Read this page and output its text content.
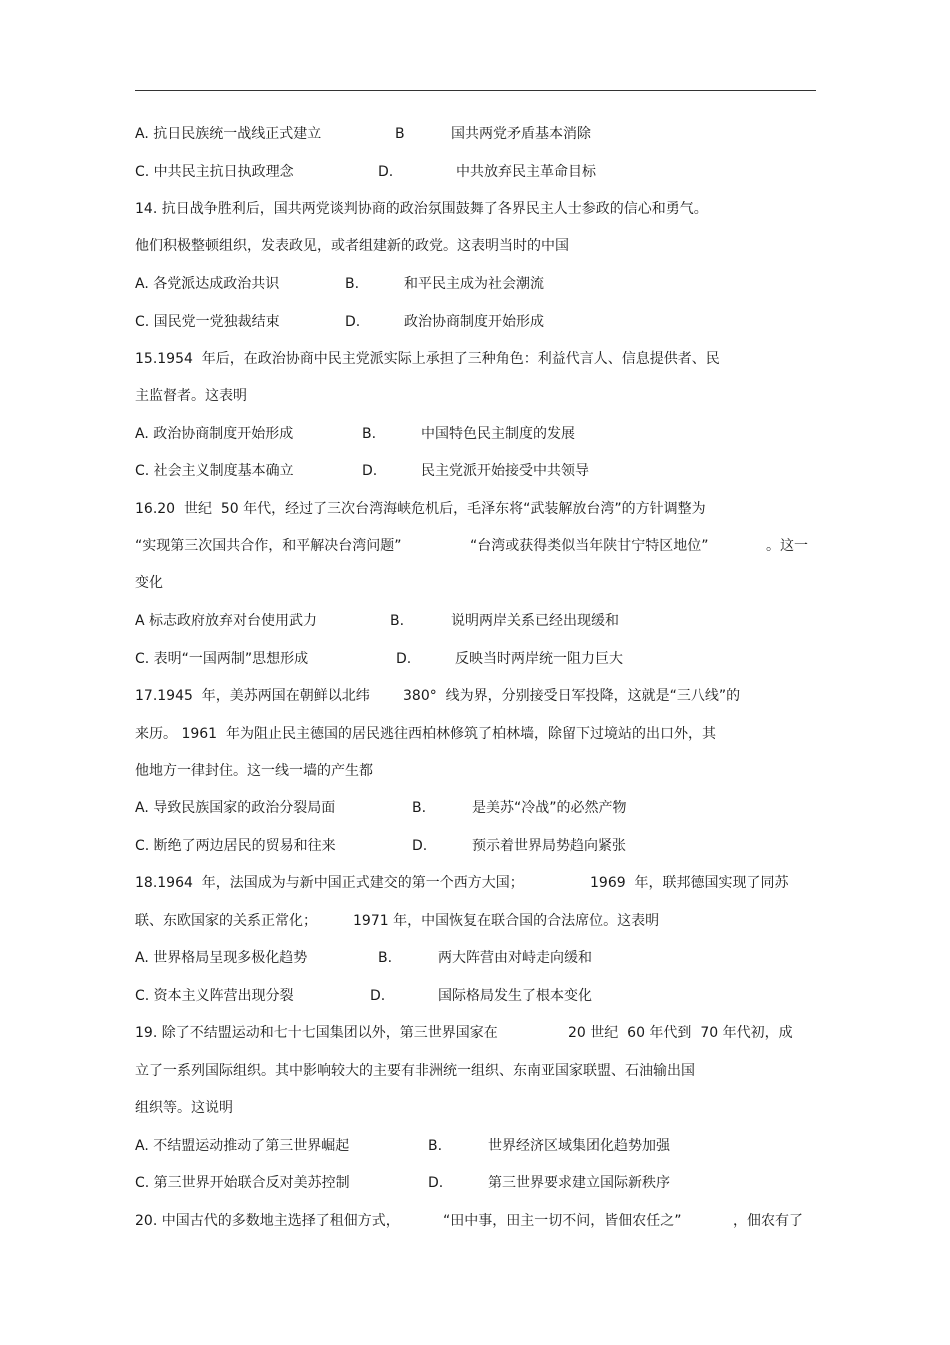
A. 抗日民族统一战线正式建立	B	国共两党矛盾基本消除
C. 中共民主抗日执政理念	D.	中共放弃民主革命目标
14. 抗日战争胜利后，国共两党谈判协商的政治氛围鼓舞了各界民主人士参政的信心和勇气。
他们积极整顿组织，发表政见，或者组建新的政党。这表明当时的中国
A. 各党派达成政治共识	B.	和平民主成为社会潮流
C. 国民党一党独裁结束	D.	政治协商制度开始形成
15.1954  年后，在政治协商中民主党派实际上承担了三种角色：利益代言人、信息提供者、民
主监督者。这表明
A. 政治协商制度开始形成	B.	中国特色民主制度的发展
C. 社会主义制度基本确立	D.	民主党派开始接受中共领导
16.20  世纪  50 年代，经过了三次台湾海峡危机后，毛泽东将“武装解放台湾”的方针调整为
“实现第三次国共合作，和平解决台湾问题”	“台湾或获得类似当年陕甘宁特区地位”	。这一
变化
A 标志政府放弃对台使用武力	B.	说明两岸关系已经出现缓和
C. 表明“一国两制”思想形成	D.	反映当时两岸统一阻力巨大
17.1945  年，美苏两国在朝鲜以北纬 380°  线为界，分别接受日军投降，这就是“三八线”的
来历。 1961  年为阻止民主德国的居民逃往西柏林修筑了柏林墙，除留下过境站的出口外，其
他地方一律封住。这一线一墙的产生都
A. 导致民族国家的政治分裂局面	B.	是美苏“冷战”的必然产物
C. 断绝了两边居民的贸易和往来	D.	预示着世界局势趋向紧张
18.1964  年，法国成为与新中国正式建交的第一个西方大国；	1969  年，联邦德国实现了同苏
联、东欧国家的关系正常化；	1971 年，中国恢复在联合国的合法席位。这表明
A. 世界格局呈现多极化趋势	B.	两大阵营由对峙走向缓和
C. 资本主义阵营出现分裂	D.	国际格局发生了根本变化
19. 除了不结盟运动和七十七国集团以外，第三世界国家在	20 世纪  60 年代到  70 年代初，成
立了一系列国际组织。其中影响较大的主要有非洲统一组织、东南亚国家联盟、石油输出国
组织等。这说明
A. 不结盟运动推动了第三世界崛起	B.	世界经济区域集团化趋势加强
C. 第三世界开始联合反对美苏控制	D.	第三世界要求建立国际新秩序
20. 中国古代的多数地主选择了租佃方式，	“田中事，田主一切不问，皆佃农任之”	，佃农有了
